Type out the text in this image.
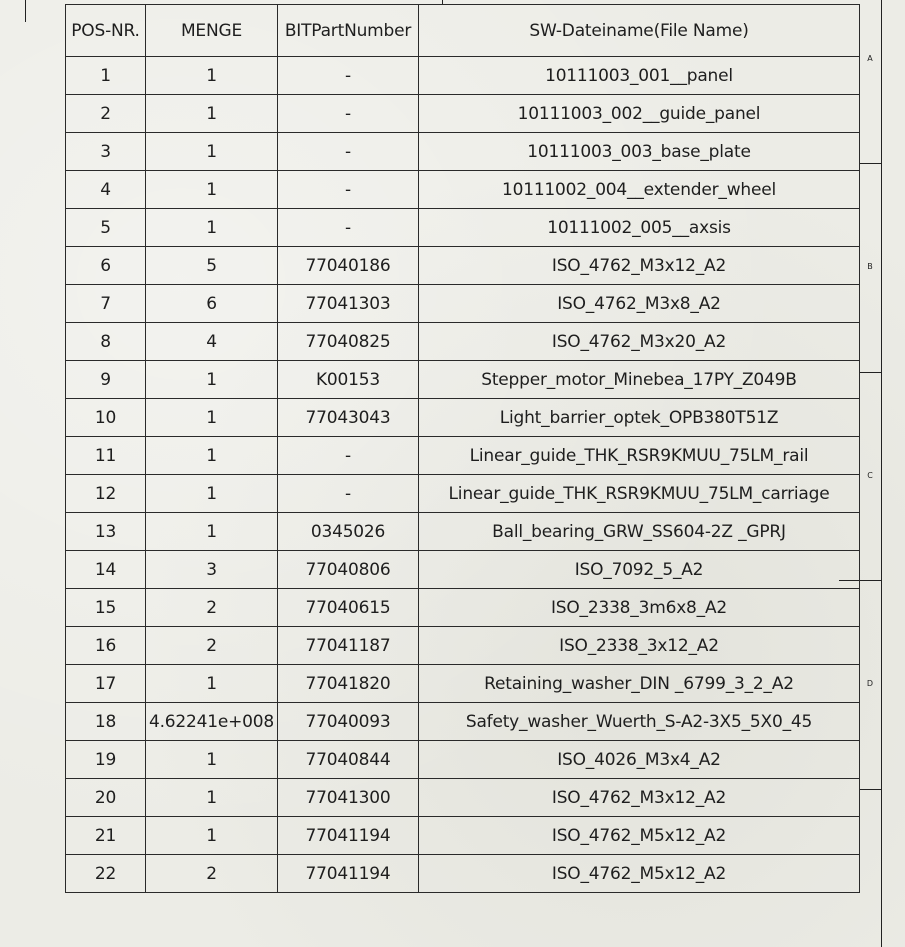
A
B
C
D
POS-NR.	MENGE	BITPartNumber	SW-Dateiname(File Name)
1	1	-	10111003_001__panel
2	1	-	10111003_002__guide_panel
3	1	-	10111003_003_base_plate
4	1	-	10111002_004__extender_wheel
5	1	-	10111002_005__axsis
6	5	77040186	ISO_4762_M3x12_A2
7	6	77041303	ISO_4762_M3x8_A2
8	4	77040825	ISO_4762_M3x20_A2
9	1	K00153	Stepper_motor_Minebea_17PY_Z049B
10	1	77043043	Light_barrier_optek_OPB380T51Z
11	1	-	Linear_guide_THK_RSR9KMUU_75LM_rail
12	1	-	Linear_guide_THK_RSR9KMUU_75LM_carriage
13	1	0345026	Ball_bearing_GRW_SS604-2Z _GPRJ
14	3	77040806	ISO_7092_5_A2
15	2	77040615	ISO_2338_3m6x8_A2
16	2	77041187	ISO_2338_3x12_A2
17	1	77041820	Retaining_washer_DIN _6799_3_2_A2
18	4.62241e+008	77040093	Safety_washer_Wuerth_S-A2-3X5_5X0_45
19	1	77040844	ISO_4026_M3x4_A2
20	1	77041300	ISO_4762_M3x12_A2
21	1	77041194	ISO_4762_M5x12_A2
22	2	77041194	ISO_4762_M5x12_A2
